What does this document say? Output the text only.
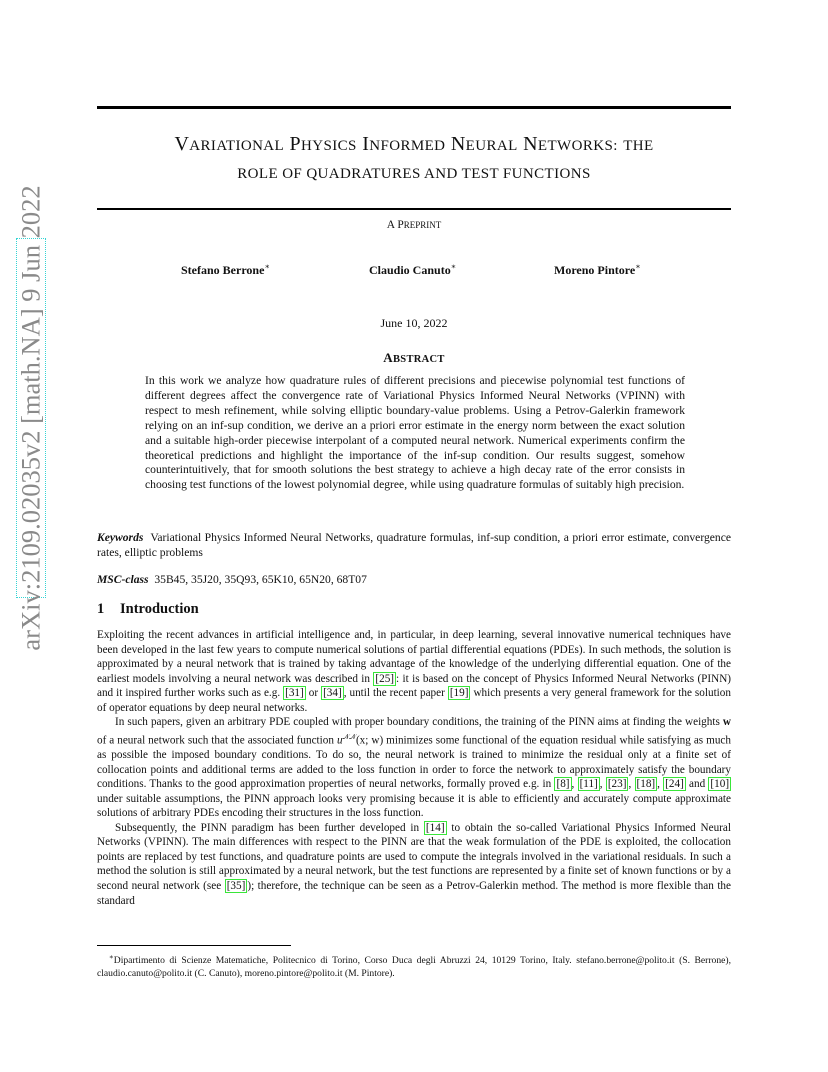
arXiv:2109.02035v2 [math.NA] 9 Jun 2022
VARIATIONAL PHYSICS INFORMED NEURAL NETWORKS: THE
ROLE OF QUADRATURES AND TEST FUNCTIONS
A PREPRINT
Stefano Berrone∗	Claudio Canuto∗	Moreno Pintore∗
June 10, 2022
ABSTRACT

In this work we analyze how quadrature rules of different precisions and piecewise polynomial test functions of different degrees affect the convergence rate of Variational Physics Informed Neural Networks (VPINN) with respect to mesh refinement, while solving elliptic boundary-value problems. Using a Petrov-Galerkin framework relying on an inf-sup condition, we derive an a priori error estimate in the energy norm between the exact solution and a suitable high-order piecewise interpolant of a computed neural network. Numerical experiments confirm the theoretical predictions and highlight the importance of the inf-sup condition. Our results suggest, somehow counterintuitively, that for smooth solutions the best strategy to achieve a high decay rate of the error consists in choosing test functions of the lowest polynomial degree, while using quadrature formulas of suitably high precision.

Keywords Variational Physics Informed Neural Networks, quadrature formulas, inf-sup condition, a priori error estimate, convergence rates, elliptic problems

MSC-class 35B45, 35J20, 35Q93, 65K10, 65N20, 68T07

1 Introduction

Exploiting the recent advances in artificial intelligence and, in particular, in deep learning, several innovative numerical techniques have been developed in the last few years to compute numerical solutions of partial differential equations (PDEs). In such methods, the solution is approximated by a neural network that is trained by taking advantage of the knowledge of the underlying differential equation. One of the earliest models involving a neural network was described in [25] : it is based on the concept of Physics Informed Neural Networks (PINN) and it inspired further works such as e.g. [31] or [34] , until the recent paper [19] which presents a very general framework for the solution of operator equations by deep neural networks.

In such papers, given an arbitrary PDE coupled with proper boundary conditions, the training of the PINN aims at finding the weights w of a neural network such that the associated function $u^{𝒩𝒩}(x$; w) minimizes some functional of the equation residual while satisfying as much as possible the imposed boundary conditions. To do so, the neural network is trained to minimize the residual only at a finite set of collocation points and additional terms are added to the loss function in order to force the network to approximately satisfy the boundary conditions. Thanks to the good approximation properties of neural networks, formally proved e.g. in [8] , [11] , [23] , [18] , [24] and [10] under suitable assumptions, the PINN approach looks very promising because it is able to efficiently and accurately compute approximate solutions of arbitrary PDEs encoding their structures in the loss function.

Subsequently, the PINN paradigm has been further developed in [14] to obtain the so-called Variational Physics Informed Neural Networks (VPINN). The main differences with respect to the PINN are that the weak formulation of the PDE is exploited, the collocation points are replaced by test functions, and quadrature points are used to compute the integrals involved in the variational residuals. In such a method the solution is still approximated by a neural network, but the test functions are represented by a finite set of known functions or by a second neural network (see [35] ); therefore, the technique can be seen as a Petrov-Galerkin method. The method is more flexible than the standard

∗Dipartimento di Scienze Matematiche, Politecnico di Torino, Corso Duca degli Abruzzi 24, 10129 Torino, Italy. stefano.berrone@polito.it (S. Berrone), claudio.canuto@polito.it (C. Canuto), moreno.pintore@polito.it (M. Pintore).
